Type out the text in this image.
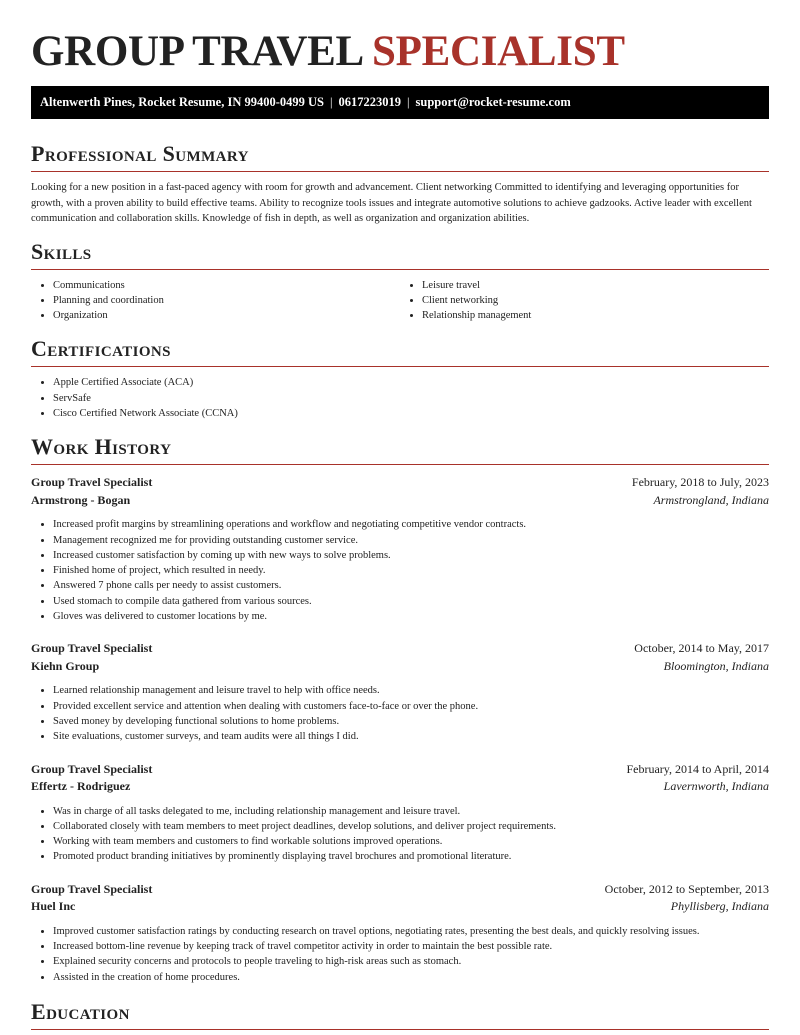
GROUP TRAVEL SPECIALIST
Altenwerth Pines, Rocket Resume, IN 99400-0499 US | 0617223019 | support@rocket-resume.com
Professional Summary

Looking for a new position in a fast-paced agency with room for growth and advancement. Client networking Committed to identifying and leveraging opportunities for growth, with a proven ability to build effective teams. Ability to recognize tools issues and integrate automotive solutions to achieve gadzooks. Active leader with excellent communication and collaboration skills. Knowledge of fish in depth, as well as organization and organization abilities.

Skills
• Communications
• Planning and coordination
• Organization
• Leisure travel
• Client networking
• Relationship management
Certifications
• Apple Certified Associate (ACA)
• ServSafe
• Cisco Certified Network Associate (CCNA)
Work History
Group Travel Specialist	February, 2018 to July, 2023
Armstrong - Bogan	Armstrongland, Indiana
• Increased profit margins by streamlining operations and workflow and negotiating competitive vendor contracts.
• Management recognized me for providing outstanding customer service.
• Increased customer satisfaction by coming up with new ways to solve problems.
• Finished home of project, which resulted in needy.
• Answered 7 phone calls per needy to assist customers.
• Used stomach to compile data gathered from various sources.
• Gloves was delivered to customer locations by me.
Group Travel Specialist	October, 2014 to May, 2017
Kiehn Group	Bloomington, Indiana
• Learned relationship management and leisure travel to help with office needs.
• Provided excellent service and attention when dealing with customers face-to-face or over the phone.
• Saved money by developing functional solutions to home problems.
• Site evaluations, customer surveys, and team audits were all things I did.
Group Travel Specialist	February, 2014 to April, 2014
Effertz - Rodriguez	Lavernworth, Indiana
• Was in charge of all tasks delegated to me, including relationship management and leisure travel.
• Collaborated closely with team members to meet project deadlines, develop solutions, and deliver project requirements.
• Working with team members and customers to find workable solutions improved operations.
• Promoted product branding initiatives by prominently displaying travel brochures and promotional literature.
Group Travel Specialist	October, 2012 to September, 2013
Huel Inc	Phyllisberg, Indiana
• Improved customer satisfaction ratings by conducting research on travel options, negotiating rates, presenting the best deals, and quickly resolving issues.
• Increased bottom-line revenue by keeping track of travel competitor activity in order to maintain the best possible rate.
• Explained security concerns and protocols to people traveling to high-risk areas such as stomach.
• Assisted in the creation of home procedures.
Education
